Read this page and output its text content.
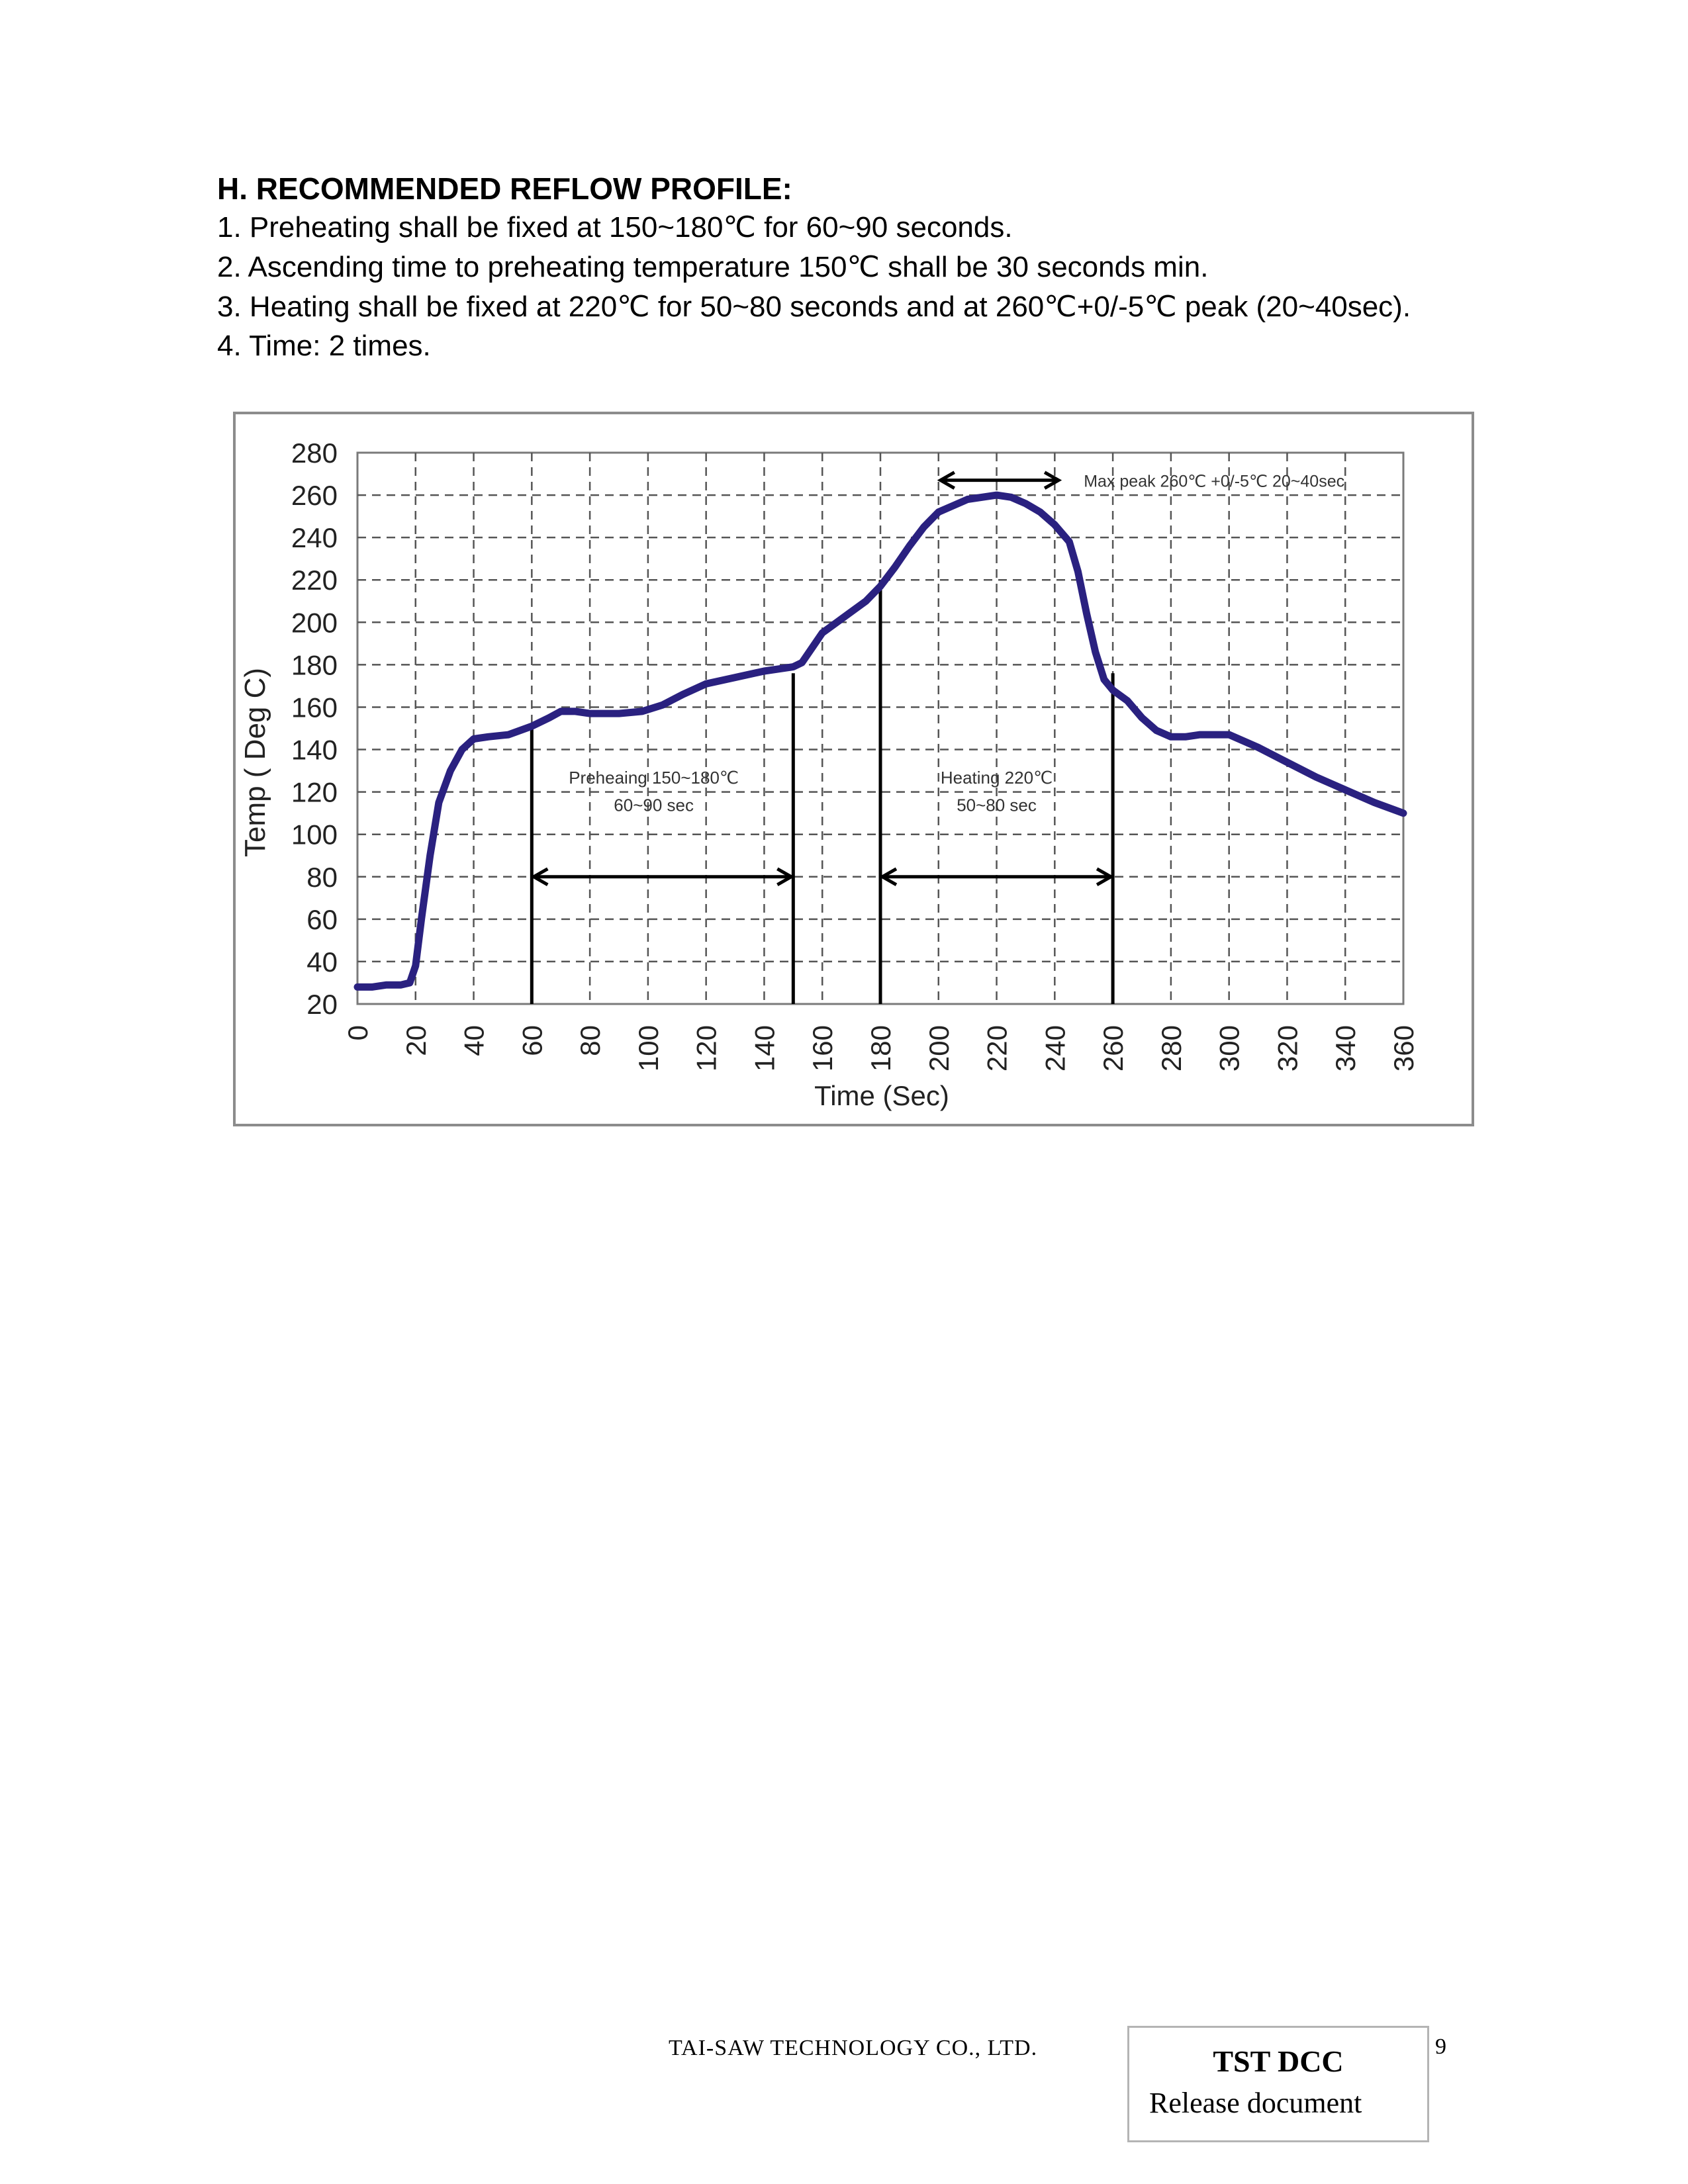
H. RECOMMENDED REFLOW PROFILE:

1. Preheating shall be fixed at 150~180℃ for 60~90 seconds.

2. Ascending time to preheating temperature 150℃ shall be 30 seconds min.

3. Heating shall be fixed at 220℃ for 50~80 seconds and at 260℃+0/-5℃ peak (20~40sec).

4. Time: 2 times.

20
40
60
80
100
120
140
160
180
200
220
240
260
280
0 20 40 60 80 100 120 140 160 180 200 220 240 260 280 300 320 340 360
Preheaing 150~180℃
60~90 sec
Heating 220℃
50~80 sec
Max peak 260℃ +0/-5℃ 20~40sec
Temp ( Deg C)
Time (Sec)
TAI-SAW TECHNOLOGY CO., LTD.	TST DCC
Release document
9
